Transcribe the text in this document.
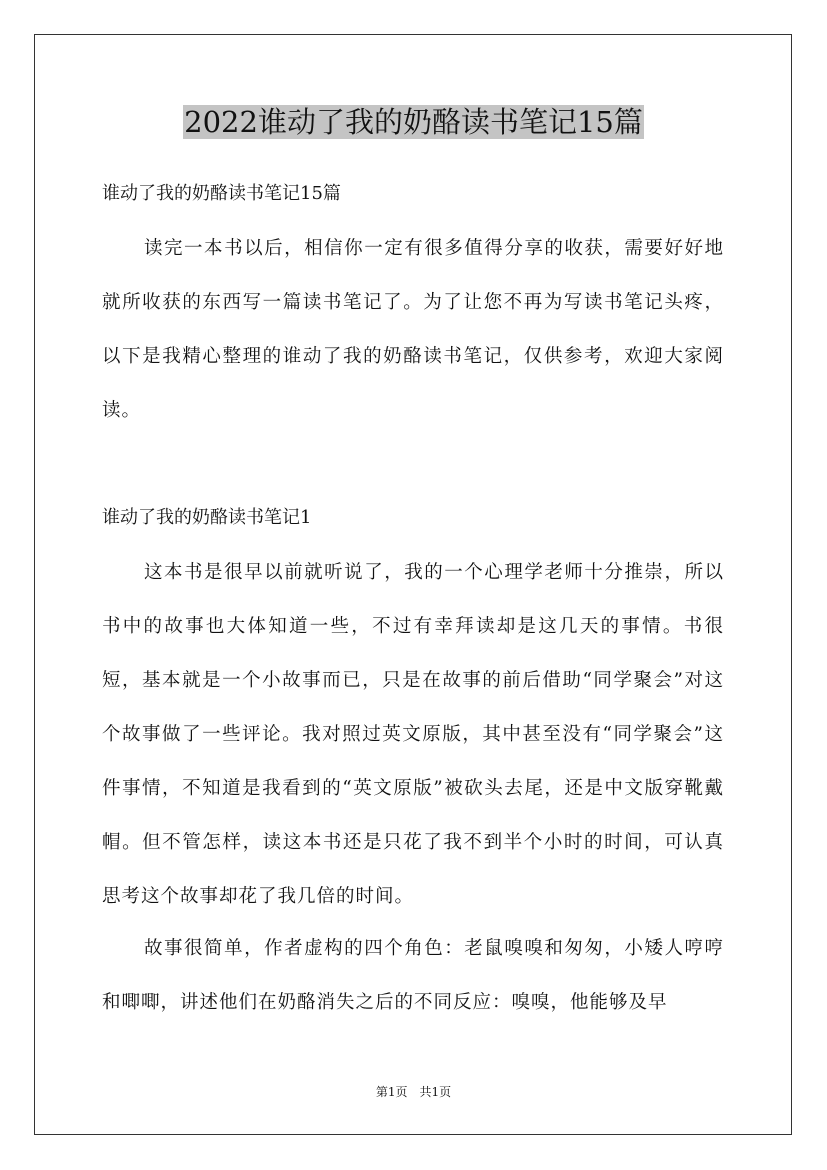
2022谁动了我的奶酪读书笔记15篇

谁动了我的奶酪读书笔记15篇

读完一本书以后，相信你一定有很多值得分享的收获，需要好好地就所收获的东西写一篇读书笔记了。为了让您不再为写读书笔记头疼，以下是我精心整理的谁动了我的奶酪读书笔记，仅供参考，欢迎大家阅读。

谁动了我的奶酪读书笔记1

这本书是很早以前就听说了，我的一个心理学老师十分推崇，所以书中的故事也大体知道一些，不过有幸拜读却是这几天的事情。书很短，基本就是一个小故事而已，只是在故事的前后借助“同学聚会”对这个故事做了一些评论。我对照过英文原版，其中甚至没有“同学聚会”这件事情，不知道是我看到的“英文原版”被砍头去尾，还是中文版穿靴戴帽。但不管怎样，读这本书还是只花了我不到半个小时的时间，可认真思考这个故事却花了我几倍的时间。

故事很简单，作者虚构的四个角色：老鼠嗅嗅和匆匆，小矮人哼哼和唧唧，讲述他们在奶酪消失之后的不同反应：嗅嗅，他能够及早

第1页　共1页
